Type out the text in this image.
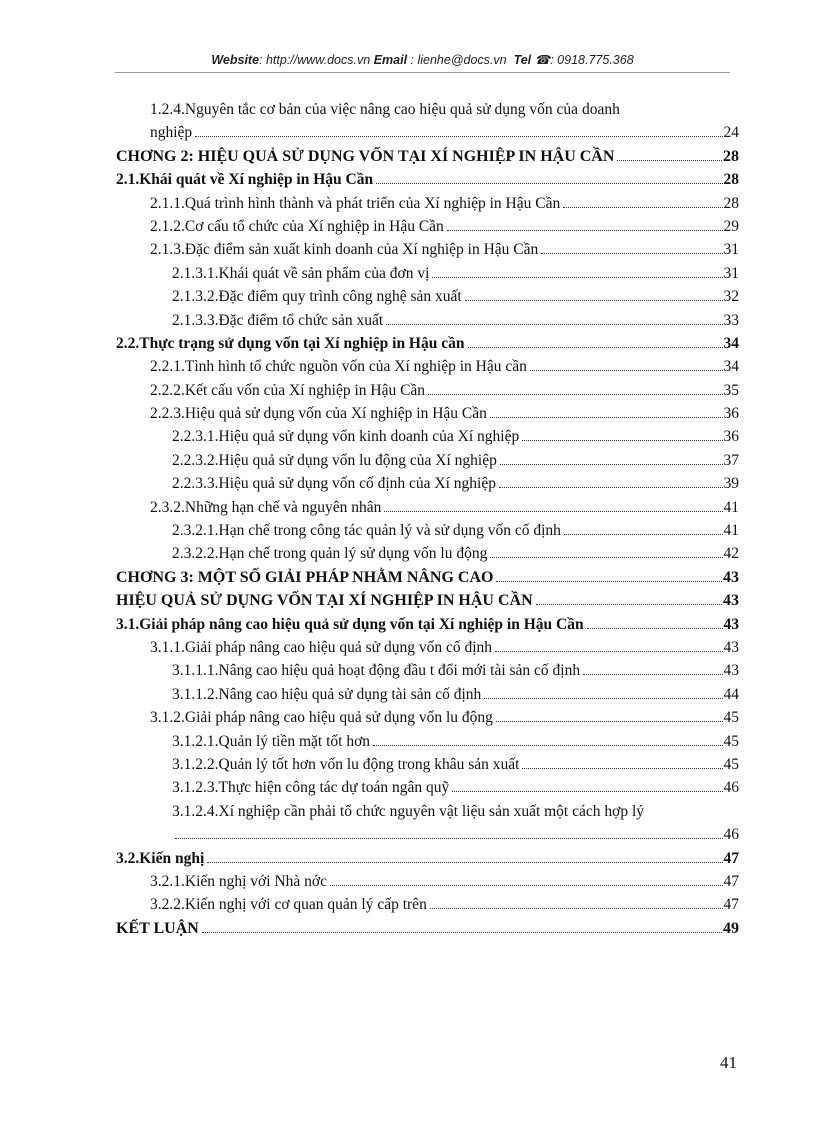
Website: http://www.docs.vn Email : lienhe@docs.vn Tel ☎: 0918.775.368
1.2.4.Nguyên tắc cơ bản của việc nâng cao hiệu quả sử dụng vốn của doanh
nghiệp	24
CHƠNG 2: HIỆU QUẢ SỬ DỤNG VỐN TẠI XÍ NGHIỆP IN HẬU CẦN	28
2.1.Khái quát về Xí nghiệp in Hậu Cần	28
2.1.1.Quá trình hình thành và phát triển của Xí nghiệp in Hậu Cần	28
2.1.2.Cơ cấu tổ chức của Xí nghiệp in Hậu Cần	29
2.1.3.Đặc điểm sản xuất kinh doanh của Xí nghiệp in Hậu Cần	31
2.1.3.1.Khái quát về sản phẩm của đơn vị	31
2.1.3.2.Đặc điểm quy trình công nghệ sản xuất	32
2.1.3.3.Đặc điểm tổ chức sản xuất	33
2.2.Thực trạng sử dụng vốn tại Xí nghiệp in Hậu cần	34
2.2.1.Tình hình tổ chức nguồn vốn của Xí nghiệp in Hậu cần	34
2.2.2.Kết cấu vốn của Xí nghiệp in Hậu Cần	35
2.2.3.Hiệu quả sử dụng vốn của Xí nghiệp in Hậu Cần	36
2.2.3.1.Hiệu quả sử dụng vốn kinh doanh của Xí nghiệp	36
2.2.3.2.Hiệu quả sử dụng vốn lu động của Xí nghiệp	37
2.2.3.3.Hiệu quả sử dụng vốn cố định của Xí nghiệp	39
2.3.2.Những hạn chế và nguyên nhân	41
2.3.2.1.Hạn chế trong công tác quản lý và sử dụng vốn cố định	41
2.3.2.2.Hạn chế trong quản lý sử dụng vốn lu động	42
CHƠNG 3: MỘT SỐ GIẢI PHÁP NHẰM NÂNG CAO	43
HIỆU QUẢ SỬ DỤNG VỐN TẠI XÍ NGHIỆP IN HẬU CẦN	43
3.1.Giải pháp nâng cao hiệu quả sử dụng vốn tại Xí nghiệp in Hậu Cần	43
3.1.1.Giải pháp nâng cao hiệu quả sử dụng vốn cố định	43
3.1.1.1.Nâng cao hiệu quả hoạt động đầu t đổi mới tài sản cố định	43
3.1.1.2.Nâng cao hiệu quả sử dụng tài sản cố định	44
3.1.2.Giải pháp nâng cao hiệu quả sử dụng vốn lu động	45
3.1.2.1.Quản lý tiền mặt tốt hơn	45
3.1.2.2.Quản lý tốt hơn vốn lu động trong khâu sản xuất	45
3.1.2.3.Thực hiện công tác dự toán ngân quỹ	46
3.1.2.4.Xí nghiệp cần phải tổ chức nguyên vật liệu sản xuất một cách hợp lý
46
3.2.Kiến nghị	47
3.2.1.Kiến nghị với Nhà nớc	47
3.2.2.Kiến nghị với cơ quan quản lý cấp trên	47
KẾT LUẬN	49
41
